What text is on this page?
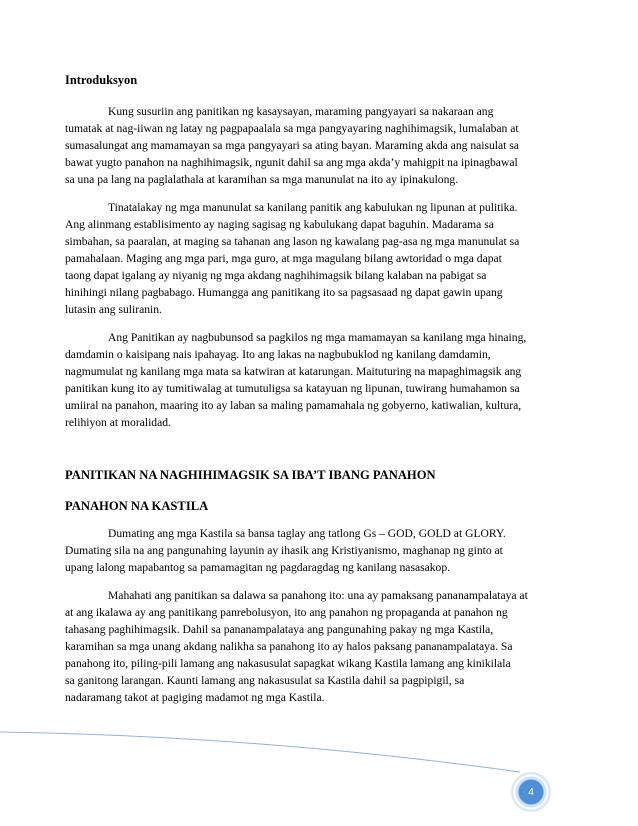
Introduksyon

Kung susuriin ang panitikan ng kasaysayan, maraming pangyayari sa nakaraan ang
tumatak at nag-iiwan ng latay ng pagpapaalala sa mga pangyayaring naghihimagsik, lumalaban at
sumasalungat ang mamamayan sa mga pangyayari sa ating bayan. Maraming akda ang naisulat sa
bawat yugto panahon na naghihimagsik, ngunit dahil sa ang mga akda’y mahigpit na ipinagbawal
sa una pa lang na paglalathala at karamihan sa mga manunulat na ito ay ipinakulong.

Tinatalakay ng mga manunulat sa kanilang panitik ang kabulukan ng lipunan at pulitika.
Ang alinmang establisimento ay naging sagisag ng kabulukang dapat baguhin. Madarama sa
simbahan, sa paaralan, at maging sa tahanan ang lason ng kawalang pag-asa ng mga manunulat sa
pamahalaan. Maging ang mga pari, mga guro, at mga magulang bilang awtoridad o mga dapat
taong dapat igalang ay niyanig ng mga akdang naghihimagsik bilang kalaban na pabigat sa
hinihingi nilang pagbabago. Humangga ang panitikang ito sa pagsasaad ng dapat gawin upang
lutasin ang suliranin.

Ang Panitikan ay nagbubunsod sa pagkilos ng mga mamamayan sa kanilang mga hinaing,
damdamin o kaisipang nais ipahayag. Ito ang lakas na nagbubuklod ng kanilang damdamin,
nagmumulat ng kanilang mga mata sa katwiran at katarungan. Maituturing na mapaghimagsik ang
panitikan kung ito ay tumitiwalag at tumutuligsa sa katayuan ng lipunan, tuwirang humahamon sa
umiiral na panahon, maaring ito ay laban sa maling pamamahala ng gobyerno, katiwalian, kultura,
relihiyon at moralidad.

PANITIKAN NA NAGHIHIMAGSIK SA IBA’T IBANG PANAHON

PANAHON NA KASTILA

Dumating ang mga Kastila sa bansa taglay ang tatlong Gs – GOD, GOLD at GLORY.
Dumating sila na ang pangunahing layunin ay ihasik ang Kristiyanismo, maghanap ng ginto at
upang lalong mapabantog sa pamamagitan ng pagdaragdag ng kanilang nasasakop.

Mahahati ang panitikan sa dalawa sa panahong ito: una ay pamaksang pananampalataya at
at ang ikalawa ay ang panitikang panrebolusyon, ito ang panahon ng propaganda at panahon ng
tahasang paghihimagsik. Dahil sa pananampalataya ang pangunahing pakay ng mga Kastila,
karamihan sa mga unang akdang nalikha sa panahong ito ay halos paksang pananampalataya. Sa
panahong ito, piling-pili lamang ang nakasusulat sapagkat wikang Kastila lamang ang kinikilala
sa ganitong larangan. Kaunti lamang ang nakasusulat sa Kastila dahil sa pagpipigil, sa
nadaramang takot at pagiging madamot ng mga Kastila.

4
